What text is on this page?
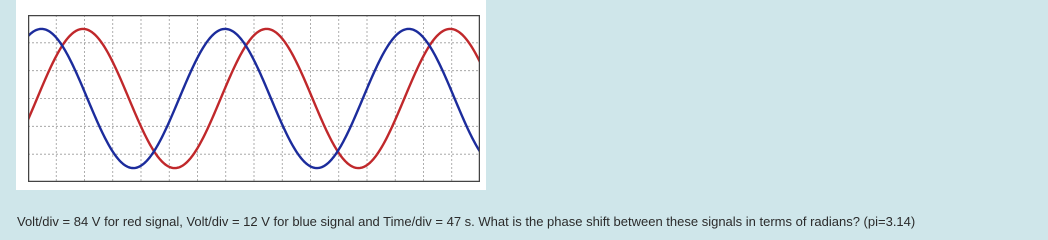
Volt/div = 84 V for red signal, Volt/div = 12 V for blue signal and Time/div = 47 s. What is the phase shift between these signals in terms of radians? (pi=3.14)
